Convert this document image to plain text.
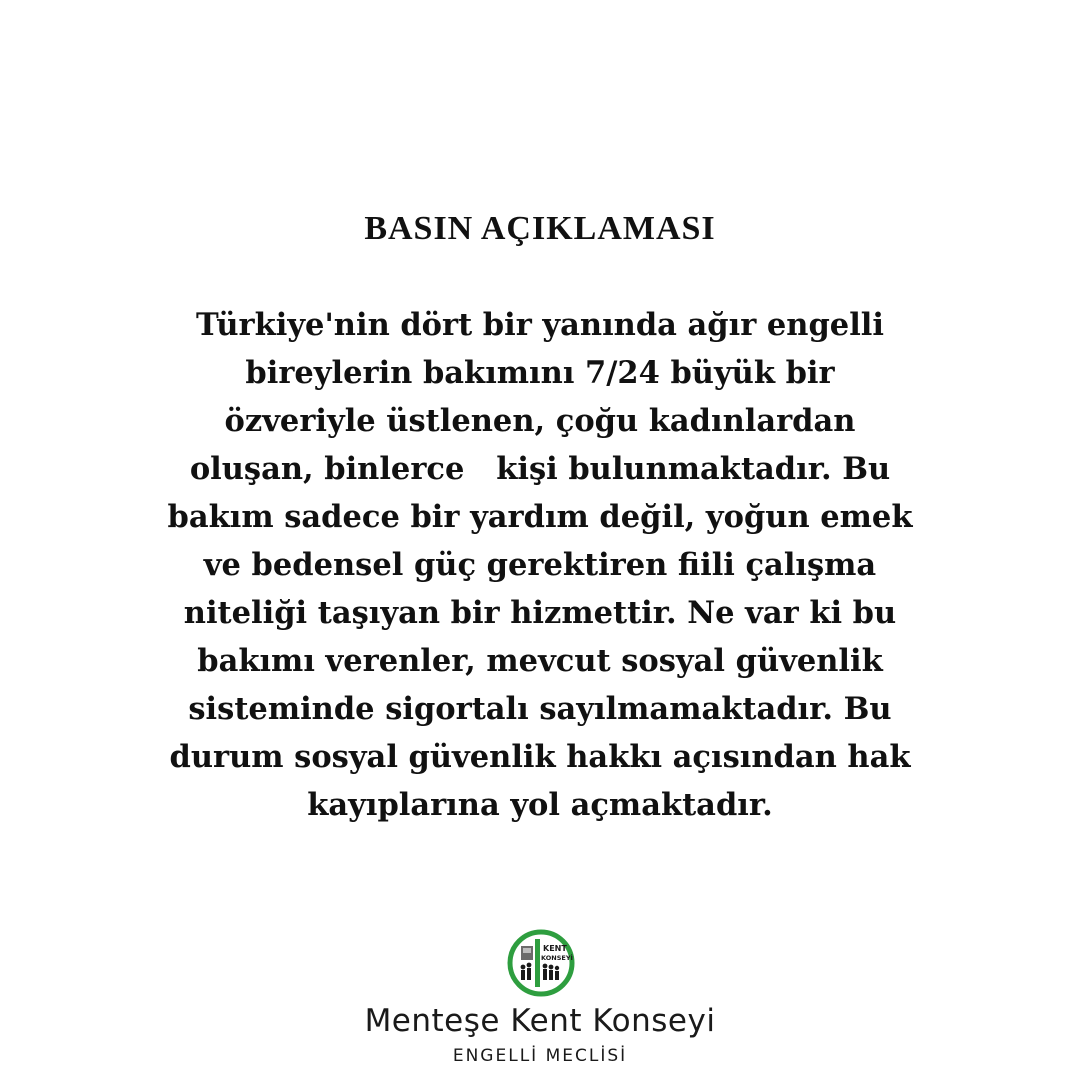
BASIN AÇIKLAMASI
Türkiye'nin dört bir yanında ağır engelli
bireylerin bakımını 7/24 büyük bir
özveriyle üstlenen, çoğu kadınlardan
oluşan, binlerce   kişi bulunmaktadır. Bu
bakım sadece bir yardım değil, yoğun emek
ve bedensel güç gerektiren fiili çalışma
niteliği taşıyan bir hizmettir. Ne var ki bu
bakımı verenler, mevcut sosyal güvenlik
sisteminde sigortalı sayılmamaktadır. Bu
durum sosyal güvenlik hakkı açısından hak
kayıplarına yol açmaktadır.
KENT
KONSEYİ
Menteşe Kent Konseyi
ENGELLİ MECLİSİ
